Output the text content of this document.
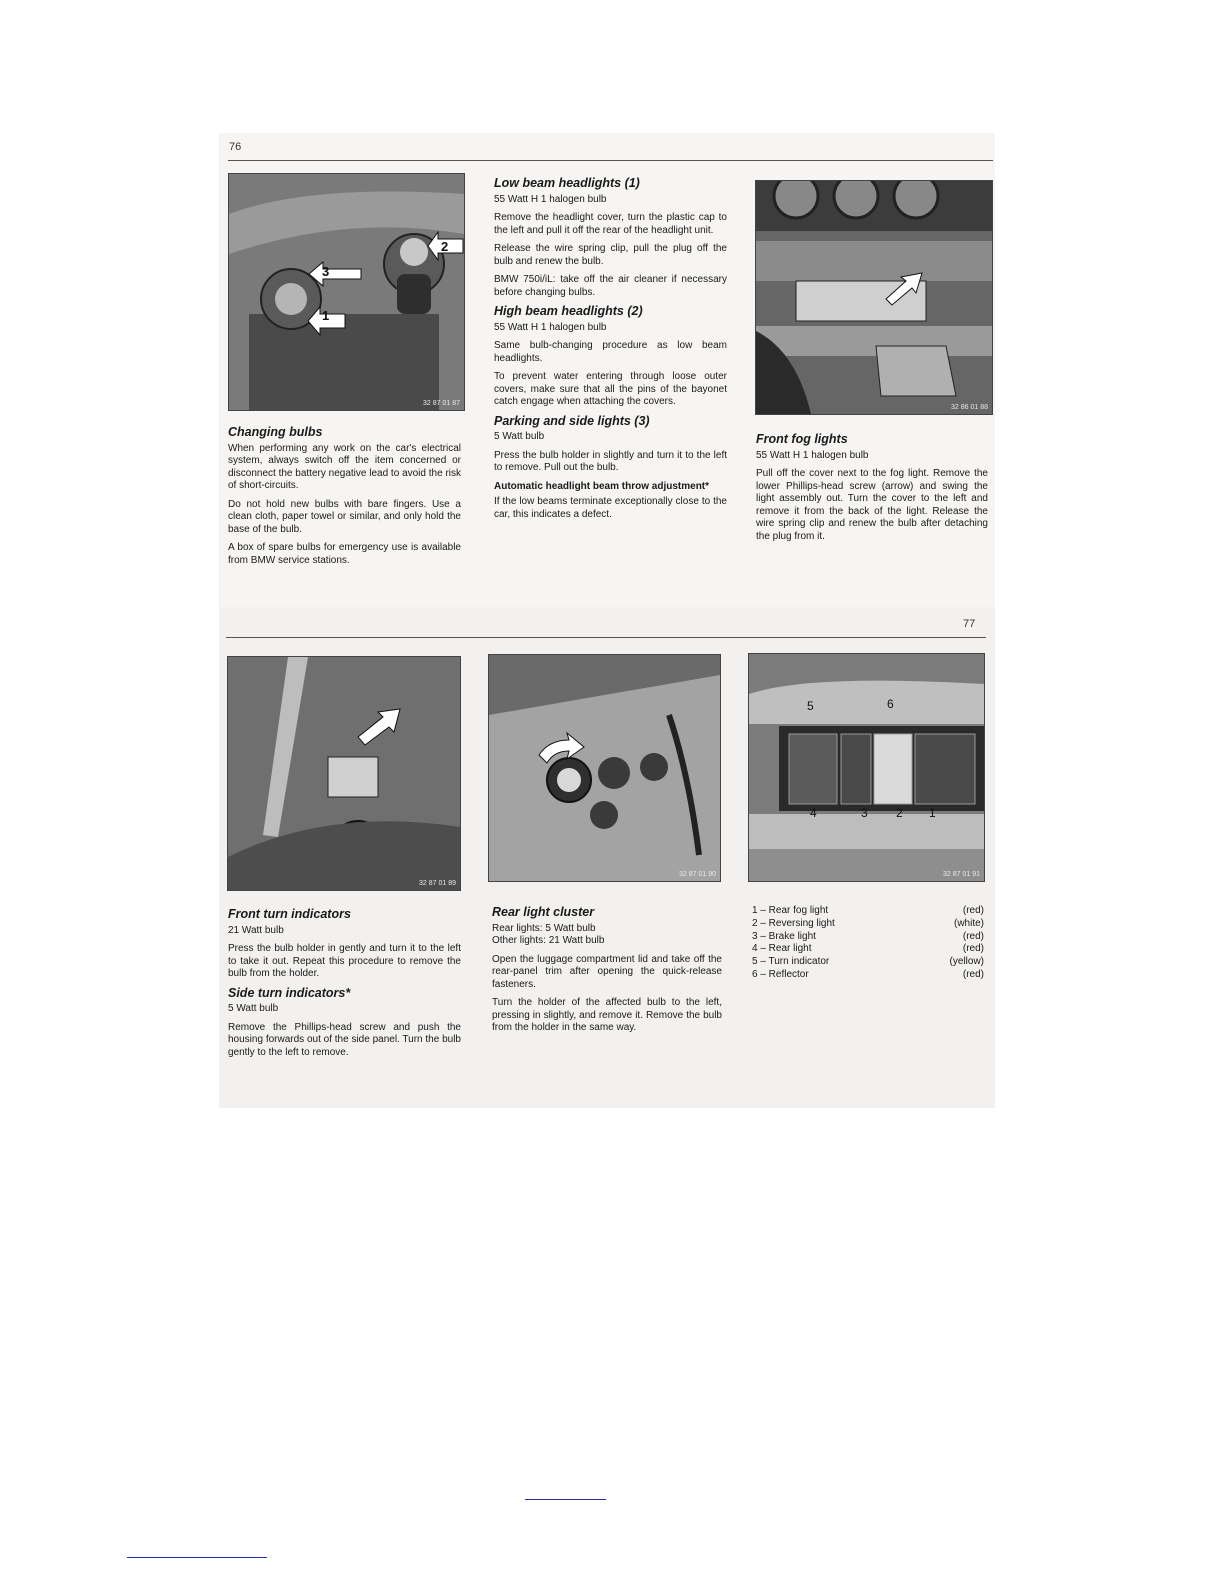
76
3
2
1
32 87 01 87
Changing bulbs

When performing any work on the car's electrical system, always switch off the item concerned or disconnect the battery negative lead to avoid the risk of short-circuits.

Do not hold new bulbs with bare fingers. Use a clean cloth, paper towel or similar, and only hold the base of the bulb.

A box of spare bulbs for emergency use is available from BMW service stations.

Low beam headlights (1)

55 Watt H 1 halogen bulb

Remove the headlight cover, turn the plastic cap to the left and pull it off the rear of the headlight unit.

Release the wire spring clip, pull the plug off the bulb and renew the bulb.

BMW 750i/iL: take off the air cleaner if necessary before changing bulbs.

High beam headlights (2)

55 Watt H 1 halogen bulb

Same bulb-changing procedure as low beam headlights.

To prevent water entering through loose outer covers, make sure that all the pins of the bayonet catch engage when attaching the covers.

Parking and side lights (3)

5 Watt bulb

Press the bulb holder in slightly and turn it to the left to remove. Pull out the bulb.

Automatic headlight beam throw adjustment*

If the low beams terminate exceptionally close to the car, this indicates a defect.

32 86 01 88
Front fog lights

55 Watt H 1 halogen bulb

Pull off the cover next to the fog light. Remove the lower Phillips-head screw (arrow) and swing the light assembly out. Turn the cover to the left and remove it from the back of the light. Release the wire spring clip and renew the bulb after detaching the plug from it.

77
32 87 01 89
32 87 01 90
5	6
4	3 2 1
32 87 01 91
Front turn indicators

21 Watt bulb

Press the bulb holder in gently and turn it to the left to take it out. Repeat this procedure to remove the bulb from the holder.

Side turn indicators*

5 Watt bulb

Remove the Phillips-head screw and push the housing forwards out of the side panel. Turn the bulb gently to the left to remove.

Rear light cluster
Rear lights: 5 Watt bulb

Other lights: 21 Watt bulb

Open the luggage compartment lid and take off the rear-panel trim after opening the quick-release fasteners.

Turn the holder of the affected bulb to the left, pressing in slightly, and remove it. Remove the bulb from the holder in the same way.

1 – Rear fog light	(red)
2 – Reversing light	(white)
3 – Brake light	(red)
4 – Rear light	(red)
5 – Turn indicator	(yellow)
6 – Reflector	(red)
